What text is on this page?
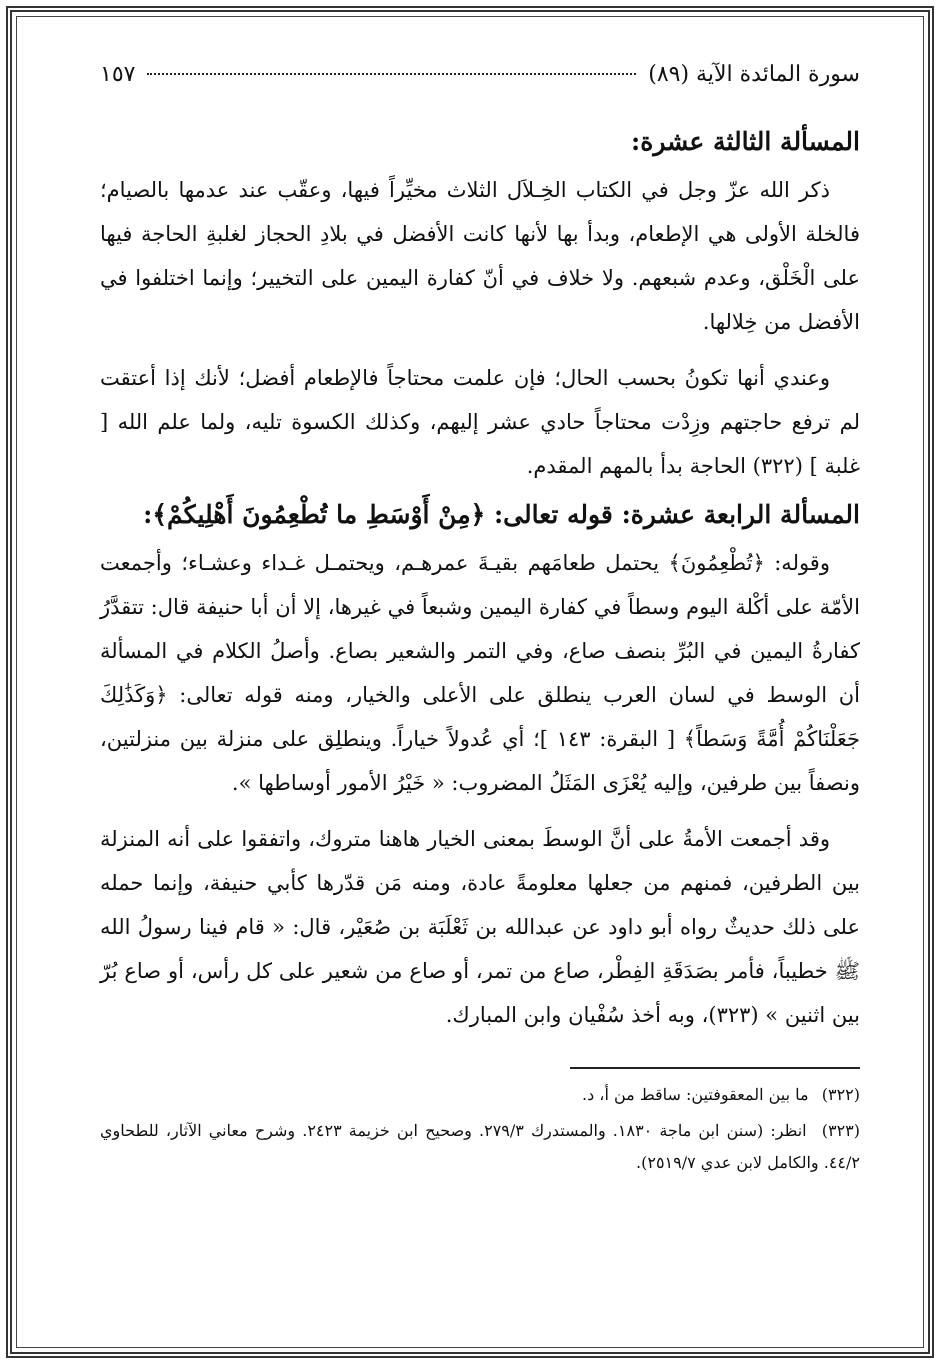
سورة المائدة الآية (٨٩)
١٥٧
المسألة الثالثة عشرة:

ذكر الله عزّ وجل في الكتاب الخِـلاَل الثلاث مخيِّراً فيها، وعقّب عند عدمها بالصيام؛ فالخلة الأولى هي الإطعام، وبدأ بها لأنها كانت الأفضل في بلادِ الحجاز لغلبةِ الحاجة فيها على الْخَلْق، وعدم شبعهم. ولا خلاف في أنّ كفارة اليمين على التخيير؛ وإنما اختلفوا في الأفضل من خِلالها.

وعندي أنها تكونُ بحسب الحال؛ فإن علمت محتاجاً فالإطعام أفضل؛ لأنك إذا أعتقت لم ترفع حاجتهم وزِدْت محتاجاً حادي عشر إليهم، وكذلك الكسوة تليه، ولما علم الله [ غلبة ] (٣٢٢) الحاجة بدأ بالمهم المقدم.

المسألة الرابعة عشرة: قوله تعالى: ﴿مِنْ أَوْسَطِ ما تُطْعِمُونَ أَهْلِيكُمْ﴾:

وقوله: ﴿تُطْعِمُونَ﴾ يحتمل طعامَهم بقيـةَ عمرهـم، ويحتمـل غـداء وعشـاء؛ وأجمعت الأمّة على أكْلة اليوم وسطاً في كفارة اليمين وشبعاً في غيرها، إلا أن أبا حنيفة قال: تتقدَّرُ كفارةُ اليمين في البُرِّ بنصف صاع، وفي التمر والشعير بصاع. وأصلُ الكلام في المسألة أن الوسط في لسان العرب ينطلق على الأعلى والخيار، ومنه قوله تعالى: ﴿وَكَذَٰلِكَ جَعَلْنَاكُمْ أُمَّةً وَسَطاً﴾ [ البقرة: ١٤٣ ]؛ أي عُدولاً خياراً. وينطلِق على منزلة بين منزلتين، ونصفاً بين طرفين، وإليه يُعْزَى المَثَلُ المضروب: « خَيْرُ الأمور أوساطها ».

وقد أجمعت الأمةُ على أنَّ الوسطَ بمعنى الخيار هاهنا متروك، واتفقوا على أنه المنزلة بين الطرفين، فمنهم من جعلها معلومةً عادة، ومنه مَن قدّرها كأبي حنيفة، وإنما حمله على ذلك حديثٌ رواه أبو داود عن عبدالله بن ثَعْلَبَة بن صُعَيْر، قال: « قام فينا رسولُ الله ﷺ خطيباً، فأمر بصَدَقَةِ الفِطْر، صاع من تمر، أو صاع من شعير على كل رأس، أو صاع بُرّ بين اثنين » (٣٢٣)، وبه أخذ سُفْيان وابن المبارك.

(٣٢٢) ما بين المعقوفتين: ساقط من أ، د.
(٣٢٣) انظر: (سنن ابن ماجة ١٨٣٠. والمستدرك ٢٧٩/٣. وصحيح ابن خزيمة ٢٤٢٣. وشرح معاني الآثار، للطحاوي ٤٤/٢. والكامل لابن عدي ٢٥١٩/٧).
